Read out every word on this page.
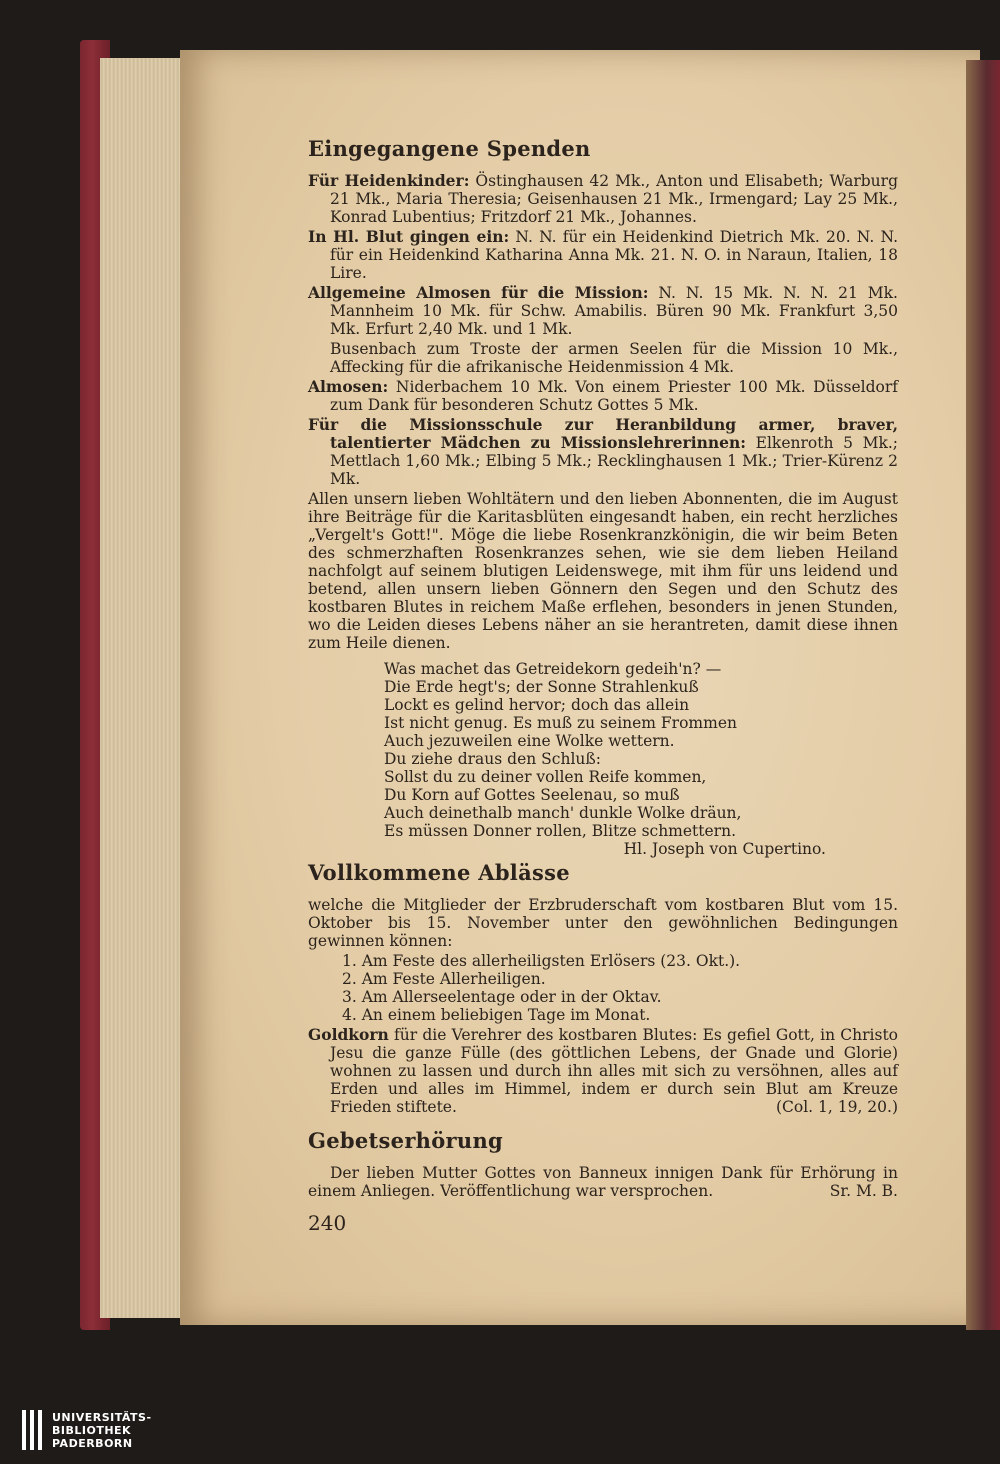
Eingegangene Spenden
Für Heidenkinder: Östinghausen 42 Mk., Anton und Elisabeth; Warburg 21 Mk., Maria Theresia; Geisenhausen 21 Mk., Irmengard; Lay 25 Mk., Konrad Lubentius; Fritzdorf 21 Mk., Johannes.
In Hl. Blut gingen ein: N. N. für ein Heidenkind Dietrich Mk. 20. N. N. für ein Heidenkind Katharina Anna Mk. 21. N. O. in Naraun, Italien, 18 Lire.
Allgemeine Almosen für die Mission: N. N. 15 Mk. N. N. 21 Mk. Mannheim 10 Mk. für Schw. Amabilis. Büren 90 Mk. Frankfurt 3,50 Mk. Erfurt 2,40 Mk. und 1 Mk.
Busenbach zum Troste der armen Seelen für die Mission 10 Mk., Affecking für die afrikanische Heidenmission 4 Mk.
Almosen: Niderbachem 10 Mk. Von einem Priester 100 Mk. Düsseldorf zum Dank für besonderen Schutz Gottes 5 Mk.
Für die Missionsschule zur Heranbildung armer, braver, talentierter Mädchen zu Missionslehrerinnen: Elkenroth 5 Mk.; Mettlach 1,60 Mk.; Elbing 5 Mk.; Recklinghausen 1 Mk.; Trier-Kürenz 2 Mk.
Allen unsern lieben Wohltätern und den lieben Abonnenten, die im August ihre Beiträge für die Karitasblüten eingesandt haben, ein recht herzliches „Vergelt's Gott!". Möge die liebe Rosenkranzkönigin, die wir beim Beten des schmerzhaften Rosenkranzes sehen, wie sie dem lieben Heiland nachfolgt auf seinem blutigen Leidenswege, mit ihm für uns leidend und betend, allen unsern lieben Gönnern den Segen und den Schutz des kostbaren Blutes in reichem Maße erflehen, besonders in jenen Stunden, wo die Leiden dieses Lebens näher an sie herantreten, damit diese ihnen zum Heile dienen.
Was machet das Getreidekorn gedeih'n? —
Die Erde hegt's; der Sonne Strahlenkuß
Lockt es gelind hervor; doch das allein
Ist nicht genug. Es muß zu seinem Frommen
Auch jezuweilen eine Wolke wettern.
Du ziehe draus den Schluß:
Sollst du zu deiner vollen Reife kommen,
Du Korn auf Gottes Seelenau, so muß
Auch deinethalb manch' dunkle Wolke dräun,
Es müssen Donner rollen, Blitze schmettern.
Hl. Joseph von Cupertino.
Vollkommene Ablässe
welche die Mitglieder der Erzbruderschaft vom kostbaren Blut vom 15. Oktober bis 15. November unter den gewöhnlichen Bedingungen gewinnen können:
1. Am Feste des allerheiligsten Erlösers (23. Okt.).
2. Am Feste Allerheiligen.
3. Am Allerseelentage oder in der Oktav.
4. An einem beliebigen Tage im Monat.
Goldkorn für die Verehrer des kostbaren Blutes: Es gefiel Gott, in Christo Jesu die ganze Fülle (des göttlichen Lebens, der Gnade und Glorie) wohnen zu lassen und durch ihn alles mit sich zu versöhnen, alles auf Erden und alles im Himmel, indem er durch sein Blut am Kreuze Frieden stiftete.	(Col. 1, 19, 20.)
Gebetserhörung
Der lieben Mutter Gottes von Banneux innigen Dank für Erhörung in einem Anliegen. Veröffentlichung war versprochen.	Sr. M. B.
240
UNIVERSITÄTS-
BIBLIOTHEK
PADERBORN
